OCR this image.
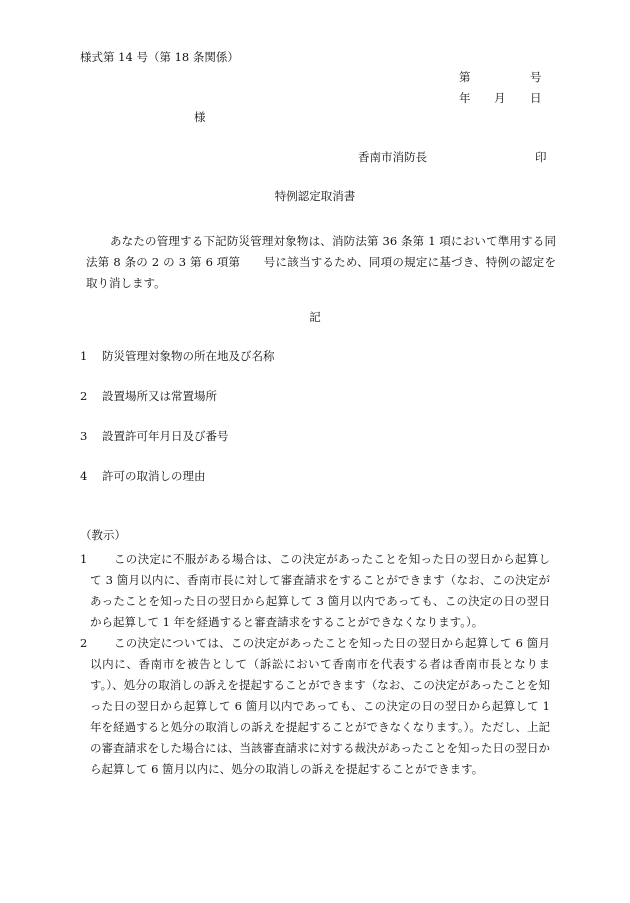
様式第 14 号（第 18 条関係）
第	号
年 月 日
様
香南市消防長	印
特例認定取消書

あなたの管理する下記防災管理対象物は、消防法第 36 条第 1 項において準用する同法第 8 条の 2 の 3 第 6 項第　　号に該当するため、同項の規定に基づき、特例の認定を取り消します。

記
1 防災管理対象物の所在地及び名称
2 設置場所又は常置場所
3 設置許可年月日及び番号
4 許可の取消しの理由
（教示）
1	この決定に不服がある場合は、この決定があったことを知った日の翌日から起算して 3 箇月以内に、香南市長に対して審査請求をすることができます（なお、この決定があったことを知った日の翌日から起算して 3 箇月以内であっても、この決定の日の翌日から起算して 1 年を経過すると審査請求をすることができなくなります。）。
2	この決定については、この決定があったことを知った日の翌日から起算して 6 箇月以内に、香南市を被告として（訴訟において香南市を代表する者は香南市長となります。）、処分の取消しの訴えを提起することができます（なお、この決定があったことを知った日の翌日から起算して 6 箇月以内であっても、この決定の日の翌日から起算して 1 年を経過すると処分の取消しの訴えを提起することができなくなります。）。ただし、上記の審査請求をした場合には、当該審査請求に対する裁決があったことを知った日の翌日から起算して 6 箇月以内に、処分の取消しの訴えを提起することができます。
